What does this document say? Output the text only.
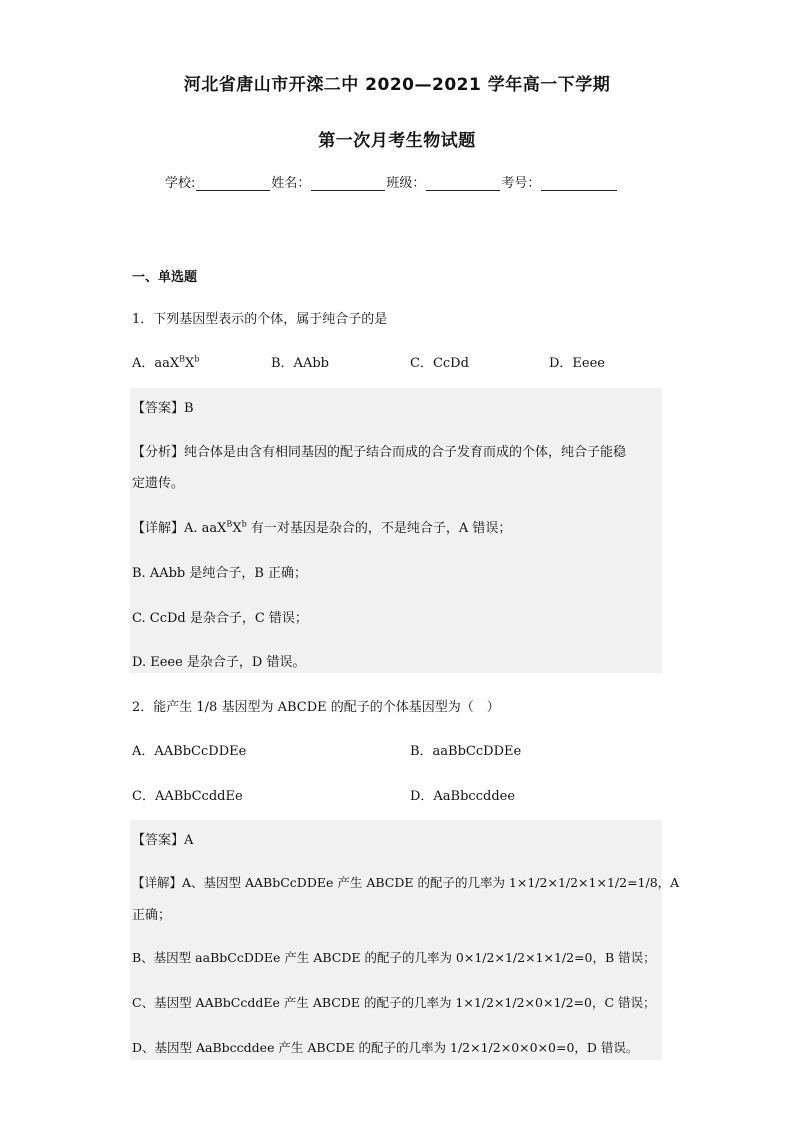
河北省唐山市开滦二中 2020—2021 学年高一下学期
第一次月考生物试题
学校:	姓名：	班级：	考号：
一、单选题
1．下列基因型表示的个体，属于纯合子的是
A．$aaX^BX^b$	B．AAbb	C．CcDd	D．Eeee
【答案】B
【分析】纯合体是由含有相同基因的配子结合而成的合子发育而成的个体，纯合子能稳
定遗传。
【详解】A. $aaX^BX^b$ 有一对基因是杂合的，不是纯合子，A 错误；
B. AAbb 是纯合子，B 正确；
C. CcDd 是杂合子，C 错误；
D. Eeee 是杂合子，D 错误。
2．能产生 1/8 基因型为 ABCDE 的配子的个体基因型为（　）
A．AABbCcDDEe	B．aaBbCcDDEe
C．AABbCcddEe	D．AaBbccddee
【答案】A
【详解】A、基因型 AABbCcDDEe 产生 ABCDE 的配子的几率为 1×1/2×1/2×1×1/2=1/8，A
正确；
B、基因型 aaBbCcDDEe 产生 ABCDE 的配子的几率为 0×1/2×1/2×1×1/2=0，B 错误；
C、基因型 AABbCcddEe 产生 ABCDE 的配子的几率为 1×1/2×1/2×0×1/2=0，C 错误；
D、基因型 AaBbccddee 产生 ABCDE 的配子的几率为 1/2×1/2×0×0×0=0，D 错误。
